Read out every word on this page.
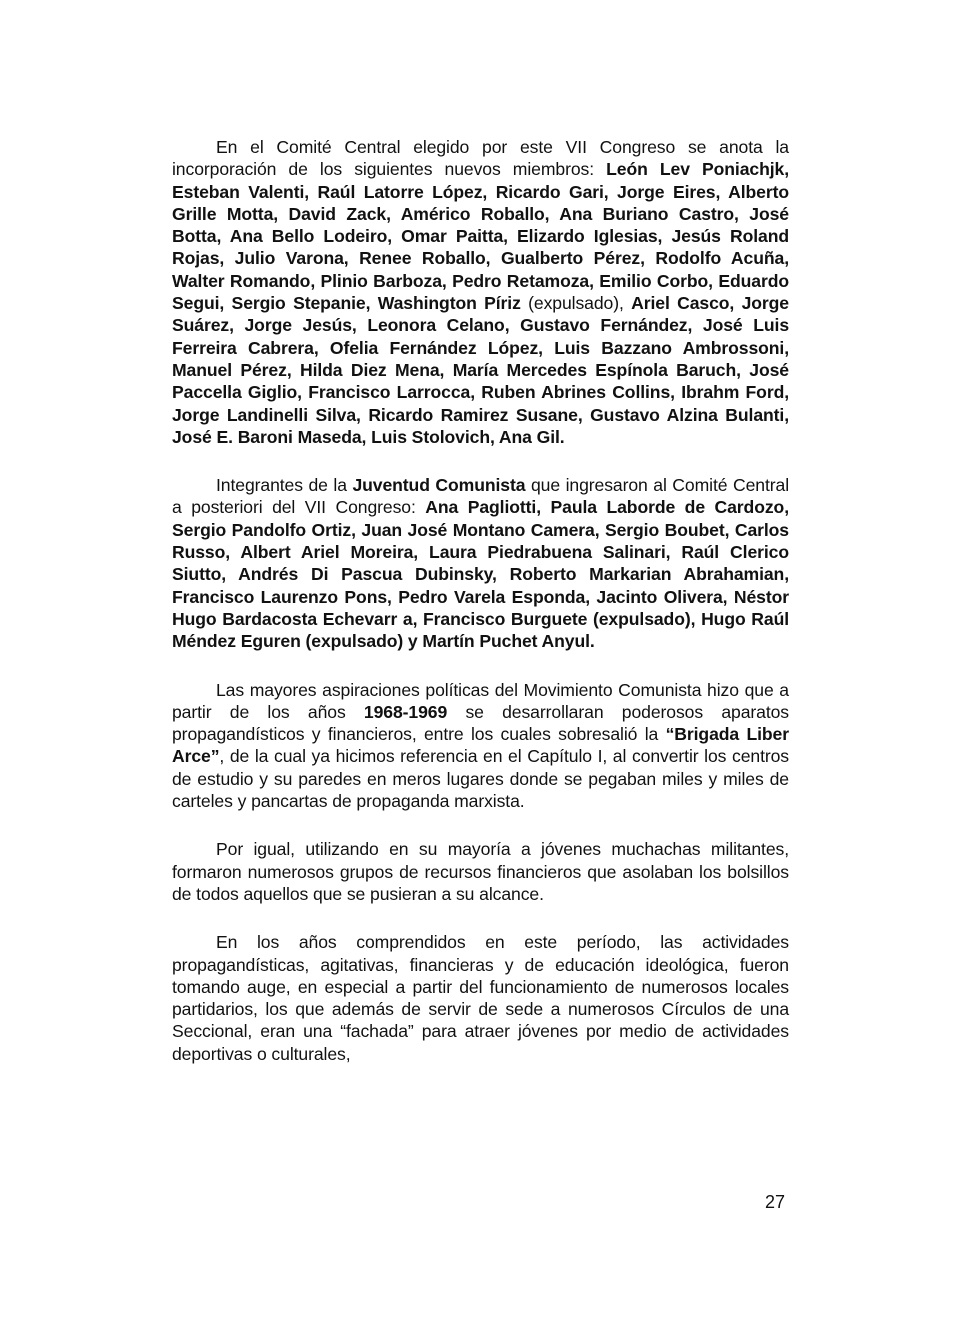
En el Comité Central elegido por este VII Congreso se anota la incorporación de los siguientes nuevos miembros: León Lev Poniachjk, Esteban Valenti, Raúl Latorre López, Ricardo Gari, Jorge Eires, Alberto Grille Motta, David Zack, Américo Roballo, Ana Buriano Castro, José Botta, Ana Bello Lodeiro, Omar Paitta, Elizardo Iglesias, Jesús Roland Rojas, Julio Varona, Renee Roballo, Gualberto Pérez, Rodolfo Acuña, Walter Romando, Plinio Barboza, Pedro Retamoza, Emilio Corbo, Eduardo Segui, Sergio Stepanie, Washington Píriz (expulsado), Ariel Casco, Jorge Suárez, Jorge Jesús, Leonora Celano, Gustavo Fernández, José Luis Ferreira Cabrera, Ofelia Fernández López, Luis Bazzano Ambrossoni, Manuel Pérez, Hilda Diez Mena, María Mercedes Espínola Baruch, José Paccella Giglio, Francisco Larrocca, Ruben Abrines Collins, Ibrahm Ford, Jorge Landinelli Silva, Ricardo Ramirez Susane, Gustavo Alzina Bulanti, José E. Baroni Maseda, Luis Stolovich, Ana Gil.

Integrantes de la Juventud Comunista que ingresaron al Comité Central a posteriori del VII Congreso: Ana Pagliotti, Paula Laborde de Cardozo, Sergio Pandolfo Ortiz, Juan José Montano Camera, Sergio Boubet, Carlos Russo, Albert Ariel Moreira, Laura Piedrabuena Salinari, Raúl Clerico Siutto, Andrés Di Pascua Dubinsky, Roberto Markarian Abrahamian, Francisco Laurenzo Pons, Pedro Varela Esponda, Jacinto Olivera, Néstor Hugo Bardacosta Echevarr a, Francisco Burguete (expulsado), Hugo Raúl Méndez Eguren (expulsado) y Martín Puchet Anyul.

Las mayores aspiraciones políticas del Movimiento Comunista hizo que a partir de los años 1968-1969 se desarrollaran poderosos aparatos propagandísticos y financieros, entre los cuales sobresalió la “Brigada Liber Arce”, de la cual ya hicimos referencia en el Capítulo I, al convertir los centros de estudio y su paredes en meros lugares donde se pegaban miles y miles de carteles y pancartas de propaganda marxista.

Por igual, utilizando en su mayoría a jóvenes muchachas militantes, formaron numerosos grupos de recursos financieros que asolaban los bolsillos de todos aquellos que se pusieran a su alcance.

En los años comprendidos en este período, las actividades propagandísticas, agitativas, financieras y de educación ideológica, fueron tomando auge, en especial a partir del funcionamiento de numerosos locales partidarios, los que además de servir de sede a numerosos Círculos de una Seccional, eran una “fachada” para atraer jóvenes por medio de actividades deportivas o culturales,

27
